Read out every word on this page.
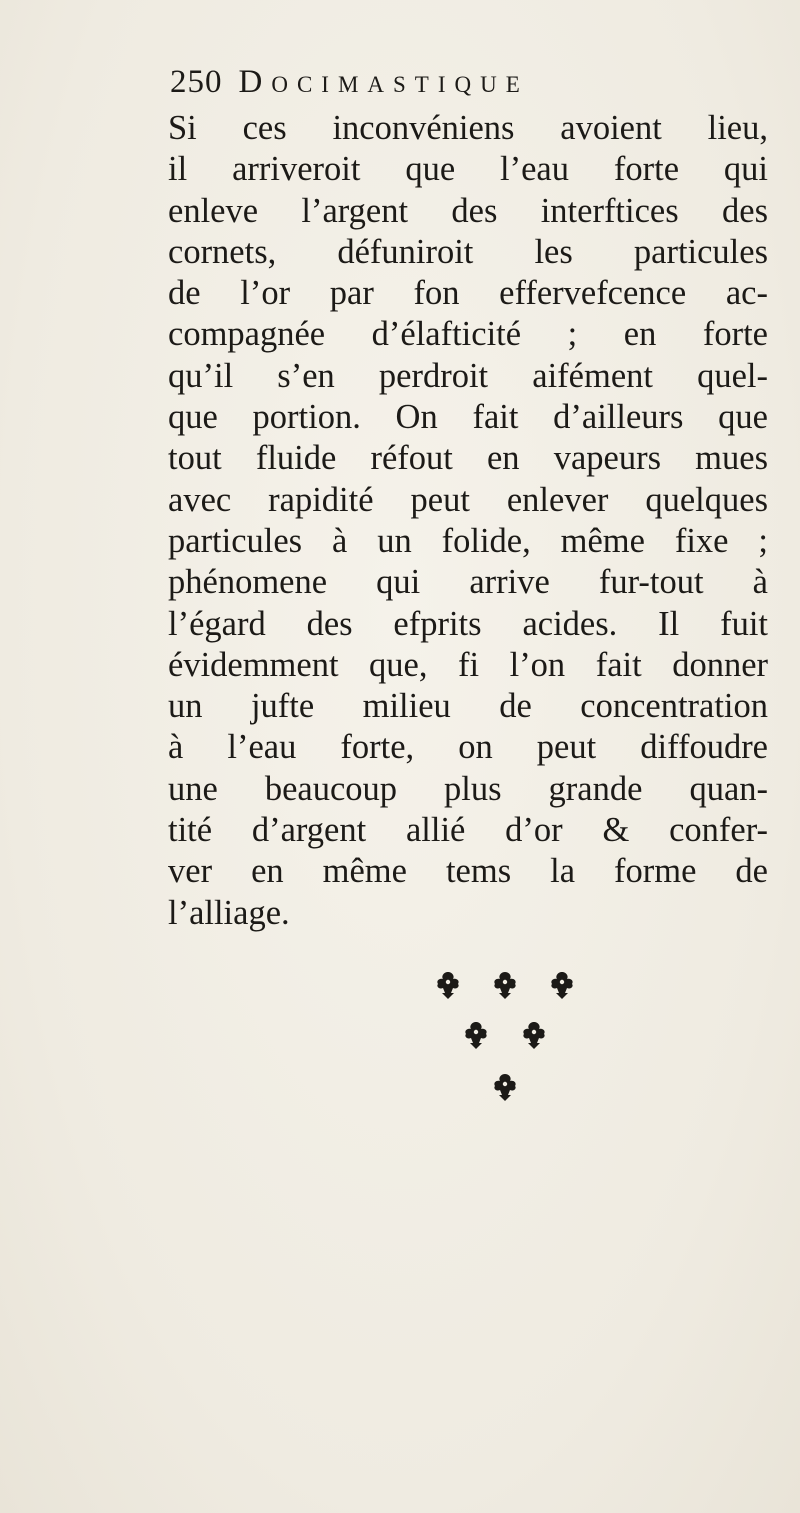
250 Docimastique
Si ces inconvéniens avoient lieu,
il arriveroit que l’eau forte qui
enleve l’argent des interftices des
cornets, défuniroit les particules
de l’or par fon effervefcence ac-
compagnée d’élafticité ; en forte
qu’il s’en perdroit aifément quel-
que portion. On fait d’ailleurs que
tout fluide réfout en vapeurs mues
avec rapidité peut enlever quelques
particules à un folide, même fixe ;
phénomene qui arrive fur-tout à
l’égard des efprits acides. Il fuit
évidemment que, fi l’on fait donner
un jufte milieu de concentration
à l’eau forte, on peut diffoudre
une beaucoup plus grande quan-
tité d’argent allié d’or & confer-
ver en même tems la forme de
l’alliage.
